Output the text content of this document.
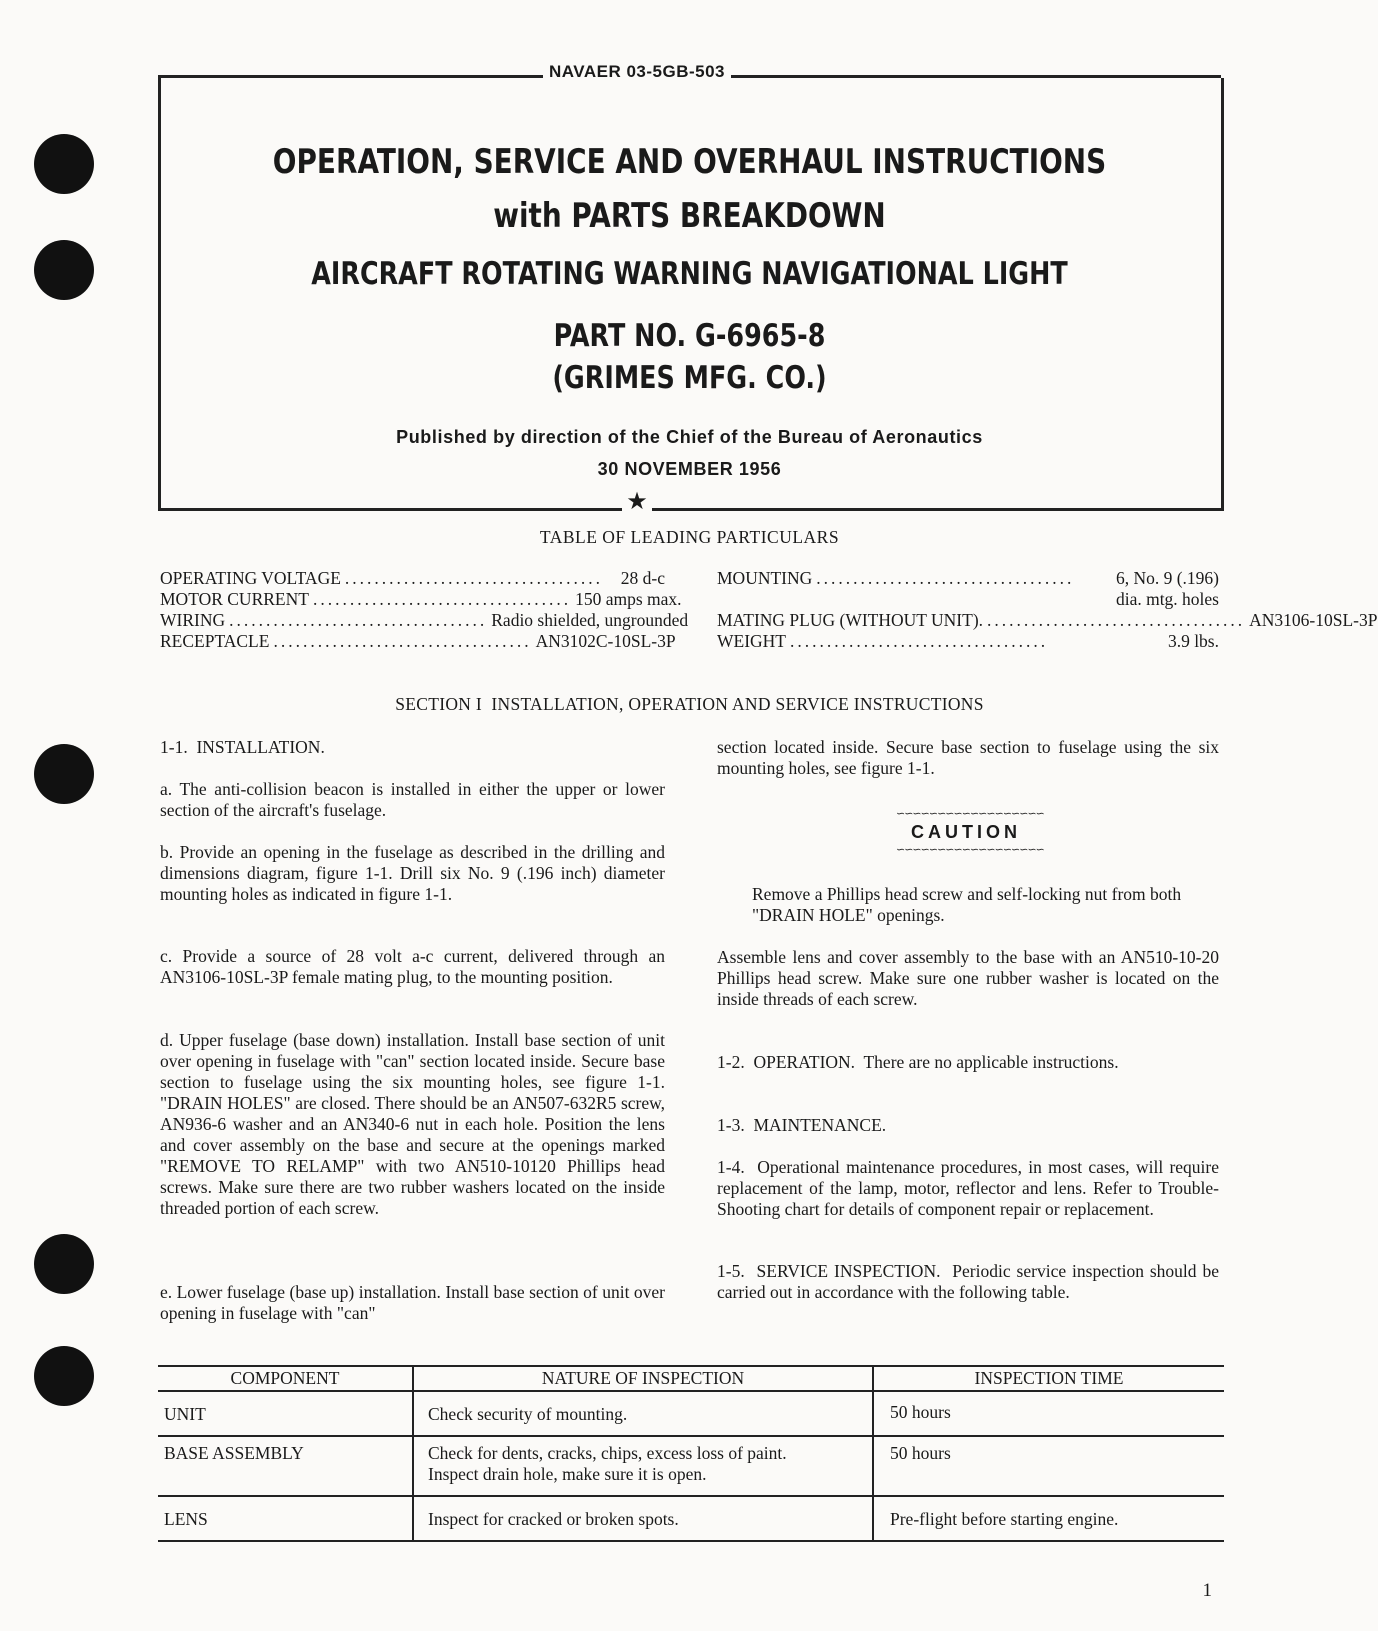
NAVAER 03-5GB-503
OPERATION, SERVICE AND OVERHAUL INSTRUCTIONS
with PARTS BREAKDOWN
AIRCRAFT ROTATING WARNING NAVIGATIONAL LIGHT
PART NO. G-6965-8
(GRIMES MFG. CO.)
Published by direction of the Chief of the Bureau of Aeronautics
30 NOVEMBER 1956
★
TABLE OF LEADING PARTICULARS
OPERATING VOLTAGE ...................................	28 d-c
MOTOR CURRENT ................................... 150 amps max.
WIRING ................................... Radio shielded, ungrounded
RECEPTACLE ................................... AN3102C-10SL-3P
MOUNTING ...................................	6, No. 9 (.196)
dia. mtg. holes
MATING PLUG (WITHOUT UNIT). ................................... AN3106-10SL-3P
WEIGHT ...................................	3.9 lbs.
SECTION I  INSTALLATION, OPERATION AND SERVICE INSTRUCTIONS
1-1.  INSTALLATION.
a. The anti-collision beacon is installed in either the upper or lower section of the aircraft's fuselage.
b. Provide an opening in the fuselage as described in the drilling and dimensions diagram, figure 1-1. Drill six No. 9 (.196 inch) diameter mounting holes as indicated in figure 1-1.
c. Provide a source of 28 volt a-c current, delivered through an AN3106-10SL-3P female mating plug, to the mounting position.
d. Upper fuselage (base down) installation. Install base section of unit over opening in fuselage with "can" section located inside. Secure base section to fuselage using the six mounting holes, see figure 1-1. "DRAIN HOLES" are closed. There should be an AN507-632R5 screw, AN936-6 washer and an AN340-6 nut in each hole. Position the lens and cover assembly on the base and secure at the openings marked "REMOVE TO RELAMP" with two AN510-10120 Phillips head screws. Make sure there are two rubber washers located on the inside threaded portion of each screw.
e. Lower fuselage (base up) installation. Install base section of unit over opening in fuselage with "can"
section located inside. Secure base section to fuselage using the six mounting holes, see figure 1-1.
∽∽∽∽∽∽∽∽∽∽∽∽∽∽∽∽∽∽
CAUTION
∽∽∽∽∽∽∽∽∽∽∽∽∽∽∽∽∽∽
Remove a Phillips head screw and self-locking nut from both "DRAIN HOLE" openings.
Assemble lens and cover assembly to the base with an AN510-10-20 Phillips head screw. Make sure one rubber washer is located on the inside threads of each screw.
1-2.  OPERATION.  There are no applicable instructions.
1-3.  MAINTENANCE.
1-4.  Operational maintenance procedures, in most cases, will require replacement of the lamp, motor, reflector and lens. Refer to Trouble-Shooting chart for details of component repair or replacement.
1-5.  SERVICE INSPECTION.  Periodic service inspection should be carried out in accordance with the following table.
COMPONENT	NATURE OF INSPECTION	INSPECTION TIME
UNIT	Check security of mounting.	50 hours
BASE ASSEMBLY	Check for dents, cracks, chips, excess loss of paint. Inspect drain hole, make sure it is open.	50 hours
LENS	Inspect for cracked or broken spots.	Pre-flight before starting engine.
1
